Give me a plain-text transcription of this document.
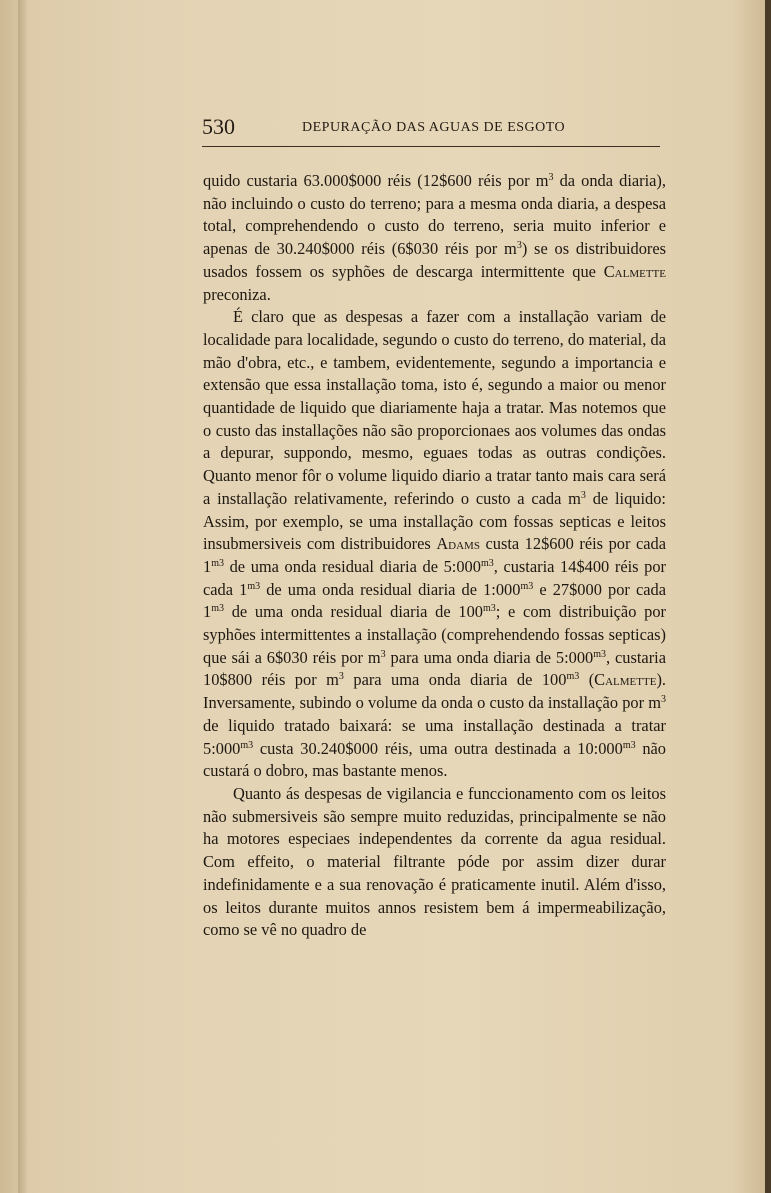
530	DEPURAÇÃO DAS AGUAS DE ESGOTO

quido custaria 63.000$000 réis (12$600 réis por $m^3$ da onda diaria), não incluindo o custo do terreno; para a mesma onda diaria, a despesa total, comprehendendo o custo do terreno, seria muito inferior e apenas de 30.240$000 réis (6$030 réis por $m^3$) se os distribuidores usados fossem os syphões de descarga intermittente que Calmette preconiza.

É claro que as despesas a fazer com a installação variam de localidade para localidade, segundo o custo do terreno, do material, da mão d'obra, etc., e tambem, evidentemente, segundo a importancia e extensão que essa installação toma, isto é, segundo a maior ou menor quantidade de liquido que diariamente haja a tratar. Mas notemos que o custo das installações não são proporcionaes aos volumes das ondas a depurar, suppondo, mesmo, eguaes todas as outras condições. Quanto menor fôr o volume liquido diario a tratar tanto mais cara será a installação relativamente, referindo o custo a cada $m^3$ de liquido: Assim, por exemplo, se uma installação com fossas septicas e leitos insubmersiveis com distribuidores Adams custa 12$600 réis por cada $1^{m3}$ de uma onda residual diaria de $5:000^{m3}$, custaria 14$400 réis por cada $1^{m3}$ de uma onda residual diaria de $1:000^{m3}$ e 27$000 por cada $1^{m3}$ de uma onda residual diaria de $100^{m3}$; e com distribuição por syphões intermittentes a installação (comprehendendo fossas septicas) que sái a 6$030 réis por $m^3$ para uma onda diaria de $5:000^{m3}$, custaria 10$800 réis por $m^3$ para uma onda diaria de $100^{m3}$ (Calmette). Inversamente, subindo o volume da onda o custo da installação por $m^3$ de liquido tratado baixará: se uma installação destinada a tratar $5:000^{m3}$ custa 30.240$000 réis, uma outra destinada a $10:000^{m3}$ não custará o dobro, mas bastante menos.

Quanto ás despesas de vigilancia e funccionamento com os leitos não submersiveis são sempre muito reduzidas, principalmente se não ha motores especiaes independentes da corrente da agua residual. Com effeito, o material filtrante póde por assim dizer durar indefinidamente e a sua renovação é praticamente inutil. Além d'isso, os leitos durante muitos annos resistem bem á impermeabilização, como se vê no quadro de
